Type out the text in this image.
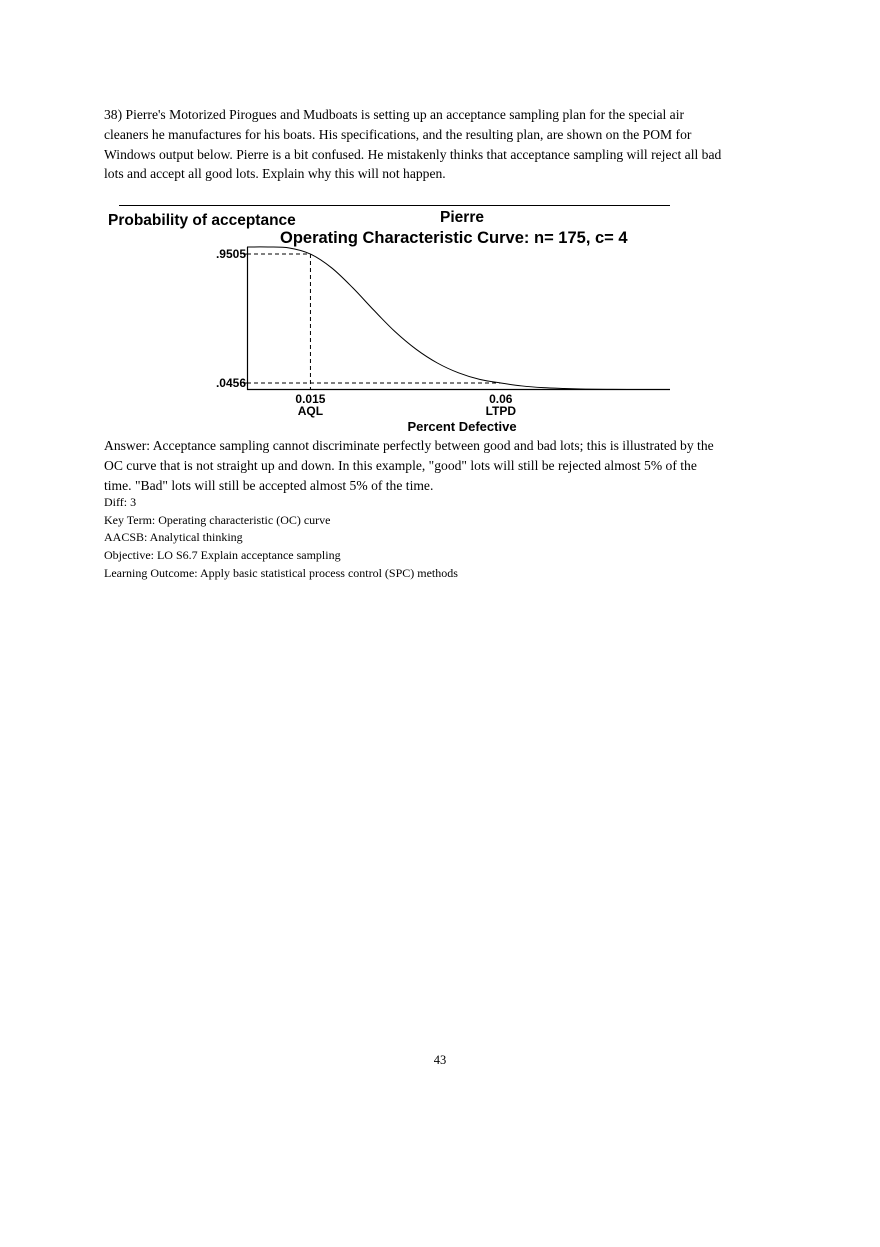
38) Pierre's Motorized Pirogues and Mudboats is setting up an acceptance sampling plan for the special air cleaners he manufactures for his boats. His specifications, and the resulting plan, are shown on the POM for Windows output below. Pierre is a bit confused. He mistakenly thinks that acceptance sampling will reject all bad lots and accept all good lots. Explain why this will not happen.

Probability of acceptance	Pierre
Operating Characteristic Curve: n= 175, c= 4
.9505
.0456
0.015
AQL
0.06
LTPD
Percent Defective

Answer: Acceptance sampling cannot discriminate perfectly between good and bad lots; this is illustrated by the OC curve that is not straight up and down. In this example, "good" lots will still be rejected almost 5% of the time. "Bad" lots will still be accepted almost 5% of the time.

Diff: 3

Key Term: Operating characteristic (OC) curve

AACSB: Analytical thinking

Objective: LO S6.7 Explain acceptance sampling

Learning Outcome: Apply basic statistical process control (SPC) methods

43
